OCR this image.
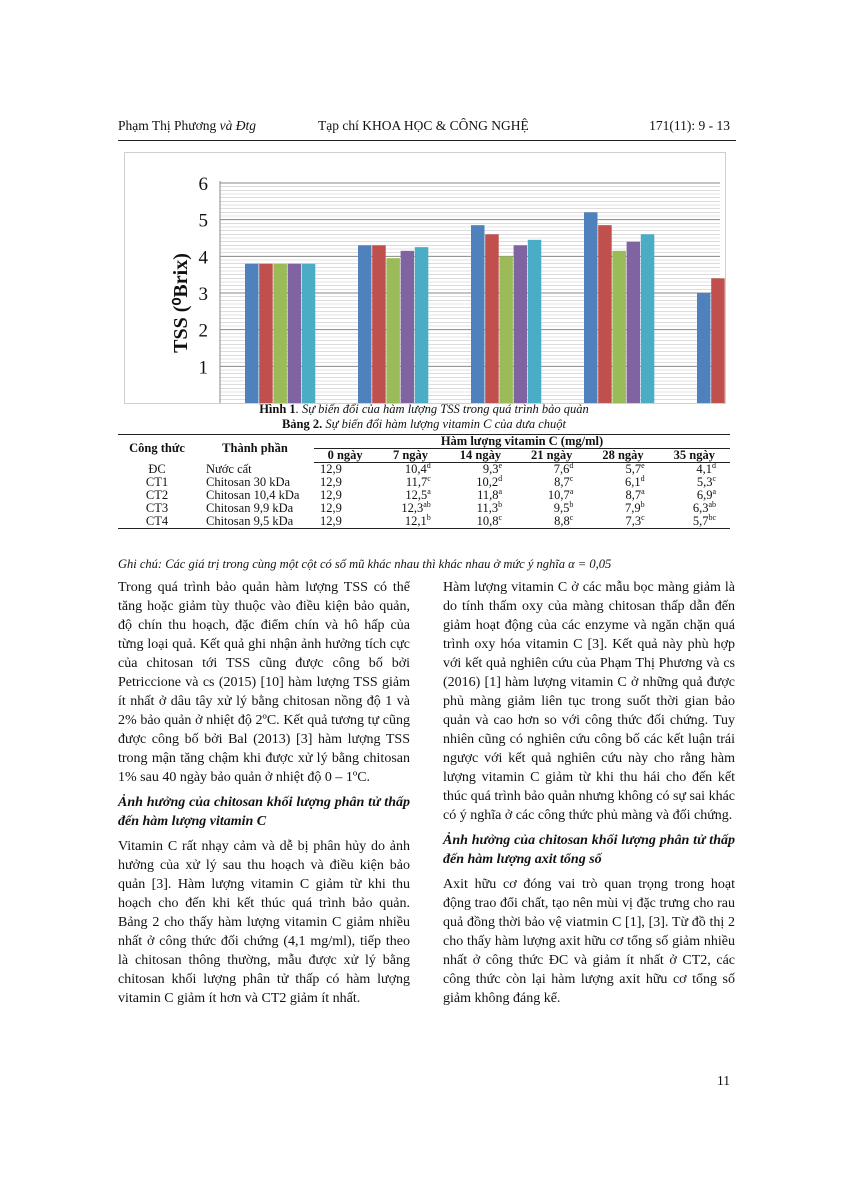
Phạm Thị Phương và Đtg	Tạp chí KHOA HỌC & CÔNG NGHỆ	171(11): 9 - 13
1
2
3
4
5
6
TSS (⁰Brix)
Hình 1. Sự biến đổi của hàm lượng TSS trong quá trình bảo quản
Bảng 2. Sự biến đổi hàm lượng vitamin C của dưa chuột
Công thức	Thành phần	Hàm lượng vitamin C (mg/ml)					
		0 ngày	7 ngày	14 ngày	21 ngày	28 ngày	35 ngày
ĐC	Nước cất	12,9	10,4$^d$	9,3e	7,6$^d$	5,7e	4,1$^d$
CT1	Chitosan 30 kDa	12,9	11,7$^c$	10,2$^d$	8,7$^c$	6,1$^d$	5,3$^c$
CT2	Chitosan 10,4 kDa	12,9	12,5$^a$	11,8$^a$	10,7$^a$	8,7$^a$	6,9$^a$
CT3	Chitosan 9,9 kDa	12,9	12,3$^{ab}$	11,3$^b$	9,5$^b$	7,9$^b$	6,3$^{ab}$
CT4	Chitosan 9,5 kDa	12,9	12,1$^b$	10,8$^c$	8,8$^c$	7,3$^c$	5,7$^{bc}$
Ghi chú: Các giá trị trong cùng một cột có số mũ khác nhau thì khác nhau ở mức ý nghĩa α = 0,05

Trong quá trình bảo quản hàm lượng TSS có thể tăng hoặc giảm tùy thuộc vào điều kiện bảo quản, độ chín thu hoạch, đặc điểm chín và hô hấp của từng loại quả. Kết quả ghi nhận ảnh hưởng tích cực của chitosan tới TSS cũng được công bố bởi Petriccione và cs (2015) [10] hàm lượng TSS giảm ít nhất ở dâu tây xử lý bằng chitosan nồng độ 1 và 2% bảo quản ở nhiệt độ 2ºC. Kết quả tương tự cũng được công bố bởi Bal (2013) [3] hàm lượng TSS trong mận tăng chậm khi được xử lý bằng chitosan 1% sau 40 ngày bảo quản ở nhiệt độ 0 – 1ºC.

Ảnh hưởng của chitosan khối lượng phân tử thấp đến hàm lượng vitamin C

Vitamin C rất nhạy cảm và dễ bị phân hủy do ảnh hưởng của xử lý sau thu hoạch và điều kiện bảo quản [3]. Hàm lượng vitamin C giảm từ khi thu hoạch cho đến khi kết thúc quá trình bảo quản. Bảng 2 cho thấy hàm lượng vitamin C giảm nhiều nhất ở công thức đối chứng (4,1 mg/ml), tiếp theo là chitosan thông thường, mẫu được xử lý bằng chitosan khối lượng phân tử thấp có hàm lượng vitamin C giảm ít hơn và CT2 giảm ít nhất.

Hàm lượng vitamin C ở các mẫu bọc màng giảm là do tính thấm oxy của màng chitosan thấp dẫn đến giảm hoạt động của các enzyme và ngăn chặn quá trình oxy hóa vitamin C [3]. Kết quả này phù hợp với kết quả nghiên cứu của Phạm Thị Phương và cs (2016) [1] hàm lượng vitamin C ở những quả được phủ màng giảm liên tục trong suốt thời gian bảo quản và cao hơn so với công thức đối chứng. Tuy nhiên cũng có nghiên cứu công bố các kết luận trái ngược với kết quả nghiên cứu này cho rằng hàm lượng vitamin C giảm từ khi thu hái cho đến kết thúc quá trình bảo quản nhưng không có sự sai khác có ý nghĩa ở các công thức phủ màng và đối chứng.

Ảnh hưởng của chitosan khối lượng phân tử thấp đến hàm lượng axit tổng số

Axit hữu cơ đóng vai trò quan trọng trong hoạt động trao đổi chất, tạo nên mùi vị đặc trưng cho rau quả đồng thời bảo vệ viatmin C [1], [3]. Từ đồ thị 2 cho thấy hàm lượng axit hữu cơ tổng số giảm nhiều nhất ở công thức ĐC và giảm ít nhất ở CT2, các công thức còn lại hàm lượng axit hữu cơ tổng số giảm không đáng kể.

11
